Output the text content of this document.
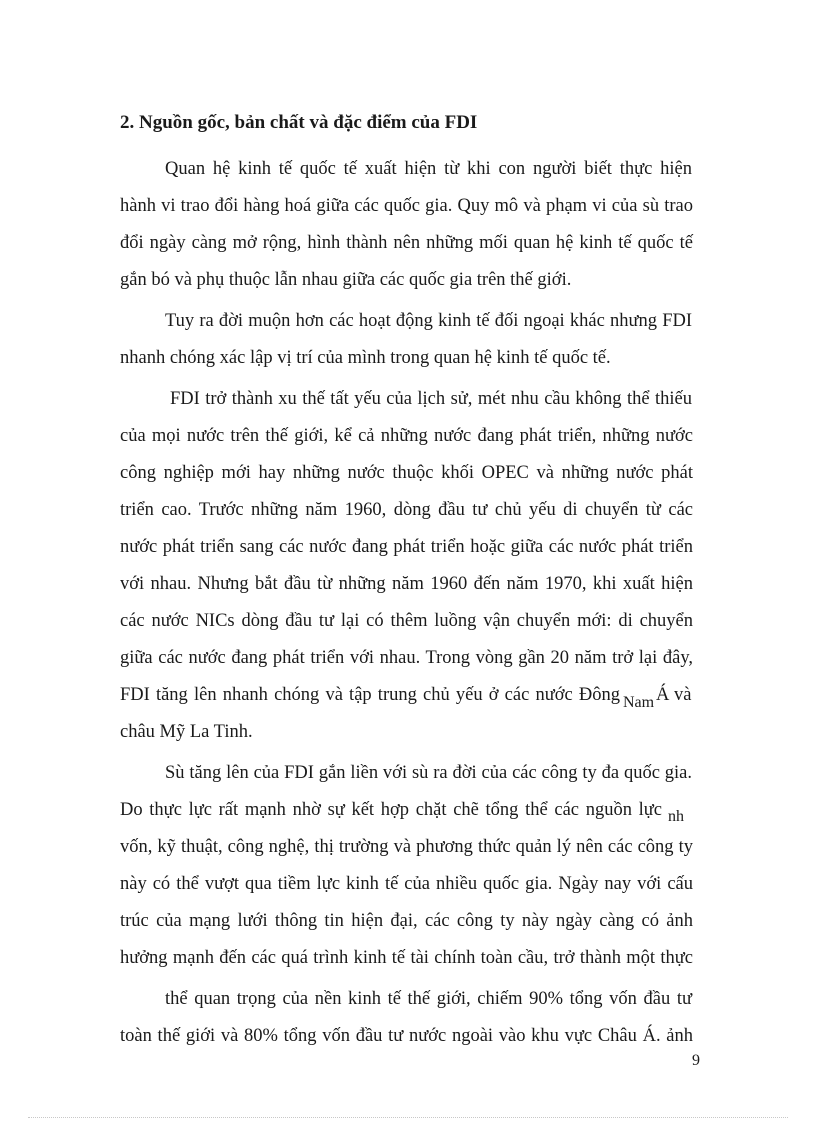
2. Nguồn gốc, bản chất và đặc điểm của FDI
Quan hệ kinh tế quốc tế xuất hiện từ khi con người biết thực hiện
hành vi trao đổi hàng hoá giữa các quốc gia. Quy mô và phạm vi của sù trao
đổi ngày càng mở rộng, hình thành nên những mối quan hệ kinh tế quốc tế
gắn bó và phụ thuộc lẫn nhau giữa các quốc gia trên thế giới.
Tuy ra đời muộn hơn các hoạt động kinh tế đối ngoại khác nhưng FDI
nhanh chóng xác lập vị trí của mình trong quan hệ kinh tế quốc tế.
FDI trở thành xu thế tất yếu của lịch sử, mét nhu cầu không thể thiếu
của mọi nước trên thế giới, kể cả những nước đang phát triển, những nước
công nghiệp mới hay những nước thuộc khối OPEC và những nước phát
triển cao. Trước những năm 1960, dòng đầu tư chủ yếu di chuyển từ các
nước phát triển sang các nước đang phát triển hoặc giữa các nước phát triển
với nhau. Nhưng bắt đầu từ những năm 1960 đến năm 1970, khi xuất hiện
các nước NICs dòng đầu tư lại có thêm luồng vận chuyển mới: di chuyển
giữa các nước đang phát triển với nhau. Trong vòng gần 20 năm trở lại đây,
FDI tăng lên nhanh chóng và tập trung chủ yếu ở các nước Đông Nam Á và
châu Mỹ La Tinh.
Sù tăng lên của FDI gắn liền với sù ra đời của các công ty đa quốc gia.
Do thực lực rất mạnh nhờ sự kết hợp chặt chẽ tổng thể các nguồn lực nh
vốn, kỹ thuật, công nghệ, thị trường và phương thức quản lý nên các công ty
này có thể vượt qua tiềm lực kinh tế của nhiều quốc gia. Ngày nay với cấu
trúc của mạng lưới thông tin hiện đại, các công ty này ngày càng có ảnh
hưởng mạnh đến các quá trình kinh tế tài chính toàn cầu, trở thành một thực
thể quan trọng của nền kinh tế thế giới, chiếm 90% tổng vốn đầu tư
toàn thế giới và 80% tổng vốn đầu tư nước ngoài vào khu vực Châu Á. ảnh
9
